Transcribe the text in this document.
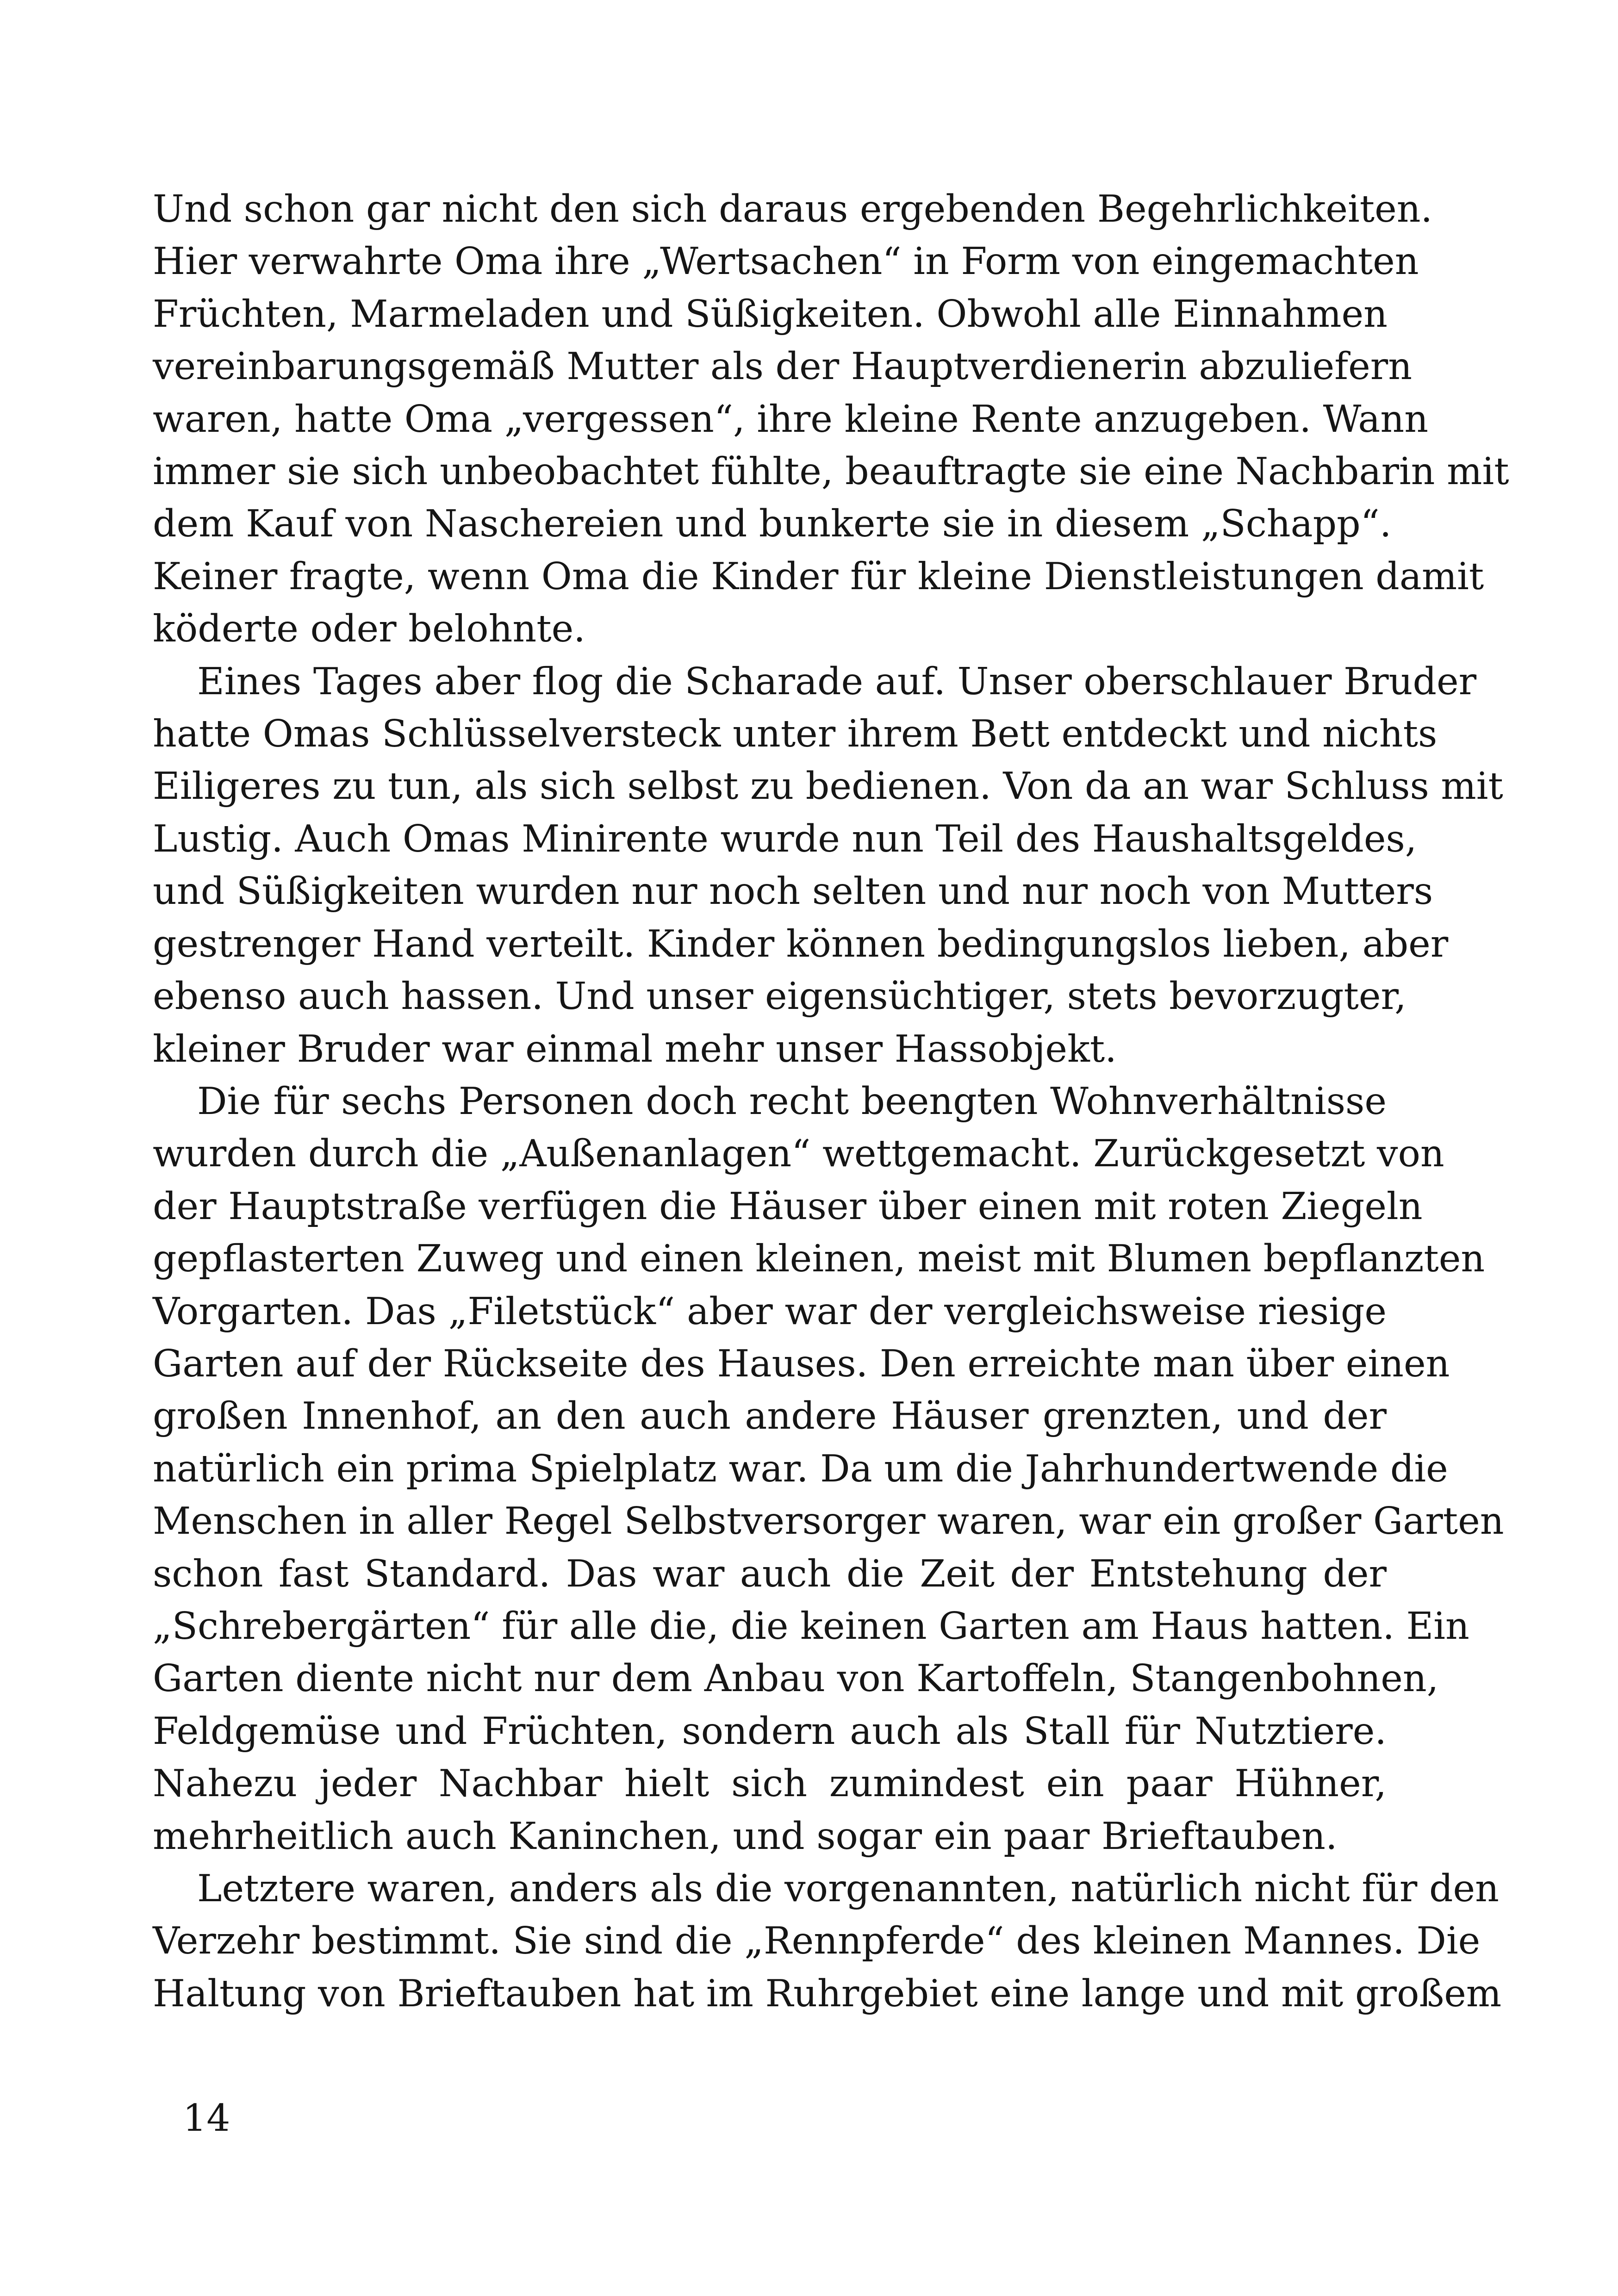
Und schon gar nicht den sich daraus ergebenden Begehrlichkeiten.
Hier verwahrte Oma ihre „Wertsachen“ in Form von eingemachten
Früchten, Marmeladen und Süßigkeiten. Obwohl alle Einnahmen
vereinbarungsgemäß Mutter als der Hauptverdienerin abzuliefern
waren, hatte Oma „vergessen“, ihre kleine Rente anzugeben. Wann
immer sie sich unbeobachtet fühlte, beauftragte sie eine Nachbarin mit
dem Kauf von Naschereien und bunkerte sie in diesem „Schapp“.
Keiner fragte, wenn Oma die Kinder für kleine Dienstleistungen damit
köderte oder belohnte.

Eines Tages aber flog die Scharade auf. Unser oberschlauer Bruder
hatte Omas Schlüsselversteck unter ihrem Bett entdeckt und nichts
Eiligeres zu tun, als sich selbst zu bedienen. Von da an war Schluss mit
Lustig. Auch Omas Minirente wurde nun Teil des Haushaltsgeldes,
und Süßigkeiten wurden nur noch selten und nur noch von Mutters
gestrenger Hand verteilt. Kinder können bedingungslos lieben, aber
ebenso auch hassen. Und unser eigensüchtiger, stets bevorzugter,
kleiner Bruder war einmal mehr unser Hassobjekt.

Die für sechs Personen doch recht beengten Wohnverhältnisse
wurden durch die „Außenanlagen“ wettgemacht. Zurückgesetzt von
der Hauptstraße verfügen die Häuser über einen mit roten Ziegeln
gepflasterten Zuweg und einen kleinen, meist mit Blumen bepflanzten
Vorgarten. Das „Filetstück“ aber war der vergleichsweise riesige
Garten auf der Rückseite des Hauses. Den erreichte man über einen
großen Innenhof, an den auch andere Häuser grenzten, und der
natürlich ein prima Spielplatz war. Da um die Jahrhundertwende die
Menschen in aller Regel Selbstversorger waren, war ein großer Garten
schon fast Standard. Das war auch die Zeit der Entstehung der
„Schrebergärten“ für alle die, die keinen Garten am Haus hatten. Ein
Garten diente nicht nur dem Anbau von Kartoffeln, Stangenbohnen,
Feldgemüse und Früchten, sondern auch als Stall für Nutztiere.
Nahezu jeder Nachbar hielt sich zumindest ein paar Hühner,
mehrheitlich auch Kaninchen, und sogar ein paar Brieftauben.

Letztere waren, anders als die vorgenannten, natürlich nicht für den
Verzehr bestimmt. Sie sind die „Rennpferde“ des kleinen Mannes. Die
Haltung von Brieftauben hat im Ruhrgebiet eine lange und mit großem

14
